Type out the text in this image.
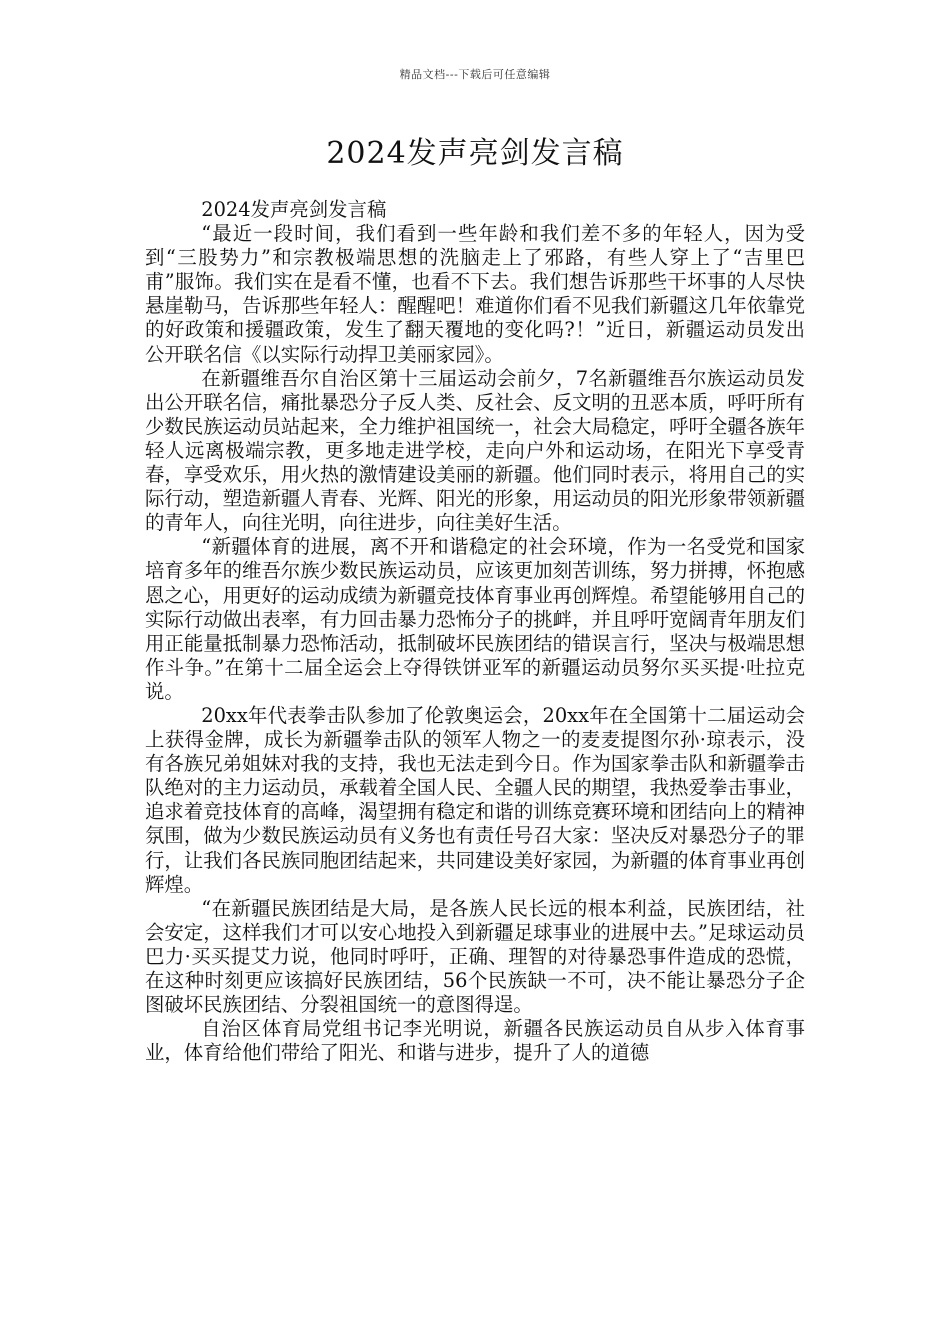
精品文档---下载后可任意编辑
2024发声亮剑发言稿

2024发声亮剑发言稿

“最近一段时间，我们看到一些年龄和我们差不多的年轻人，因为受到“三股势力”和宗教极端思想的洗脑走上了邪路，有些人穿上了“吉里巴甫”服饰。我们实在是看不懂，也看不下去。我们想告诉那些干坏事的人尽快悬崖勒马，告诉那些年轻人：醒醒吧！难道你们看不见我们新疆这几年依靠党的好政策和援疆政策，发生了翻天覆地的变化吗?！”近日，新疆运动员发出公开联名信《以实际行动捍卫美丽家园》。

在新疆维吾尔自治区第十三届运动会前夕，7名新疆维吾尔族运动员发出公开联名信，痛批暴恐分子反人类、反社会、反文明的丑恶本质，呼吁所有少数民族运动员站起来，全力维护祖国统一，社会大局稳定，呼吁全疆各族年轻人远离极端宗教，更多地走进学校，走向户外和运动场，在阳光下享受青春，享受欢乐，用火热的激情建设美丽的新疆。他们同时表示，将用自己的实际行动，塑造新疆人青春、光辉、阳光的形象，用运动员的阳光形象带领新疆的青年人，向往光明，向往进步，向往美好生活。

“新疆体育的进展，离不开和谐稳定的社会环境，作为一名受党和国家培育多年的维吾尔族少数民族运动员，应该更加刻苦训练，努力拼搏，怀抱感恩之心，用更好的运动成绩为新疆竞技体育事业再创辉煌。希望能够用自己的实际行动做出表率，有力回击暴力恐怖分子的挑衅，并且呼吁宽阔青年朋友们用正能量抵制暴力恐怖活动，抵制破坏民族团结的错误言行，坚决与极端思想作斗争。”在第十二届全运会上夺得铁饼亚军的新疆运动员努尔买买提·吐拉克说。

20xx年代表拳击队参加了伦敦奥运会，20xx年在全国第十二届运动会上获得金牌，成长为新疆拳击队的领军人物之一的麦麦提图尔孙·琼表示，没有各族兄弟姐妹对我的支持，我也无法走到今日。作为国家拳击队和新疆拳击队绝对的主力运动员，承载着全国人民、全疆人民的期望，我热爱拳击事业，追求着竞技体育的高峰，渴望拥有稳定和谐的训练竞赛环境和团结向上的精神氛围，做为少数民族运动员有义务也有责任号召大家：坚决反对暴恐分子的罪行，让我们各民族同胞团结起来，共同建设美好家园，为新疆的体育事业再创辉煌。

“在新疆民族团结是大局，是各族人民长远的根本利益，民族团结，社会安定，这样我们才可以安心地投入到新疆足球事业的进展中去。”足球运动员巴力·买买提艾力说，他同时呼吁，正确、理智的对待暴恐事件造成的恐慌，在这种时刻更应该搞好民族团结，56个民族缺一不可，决不能让暴恐分子企图破坏民族团结、分裂祖国统一的意图得逞。

自治区体育局党组书记李光明说，新疆各民族运动员自从步入体育事业，体育给他们带给了阳光、和谐与进步，提升了人的道德
